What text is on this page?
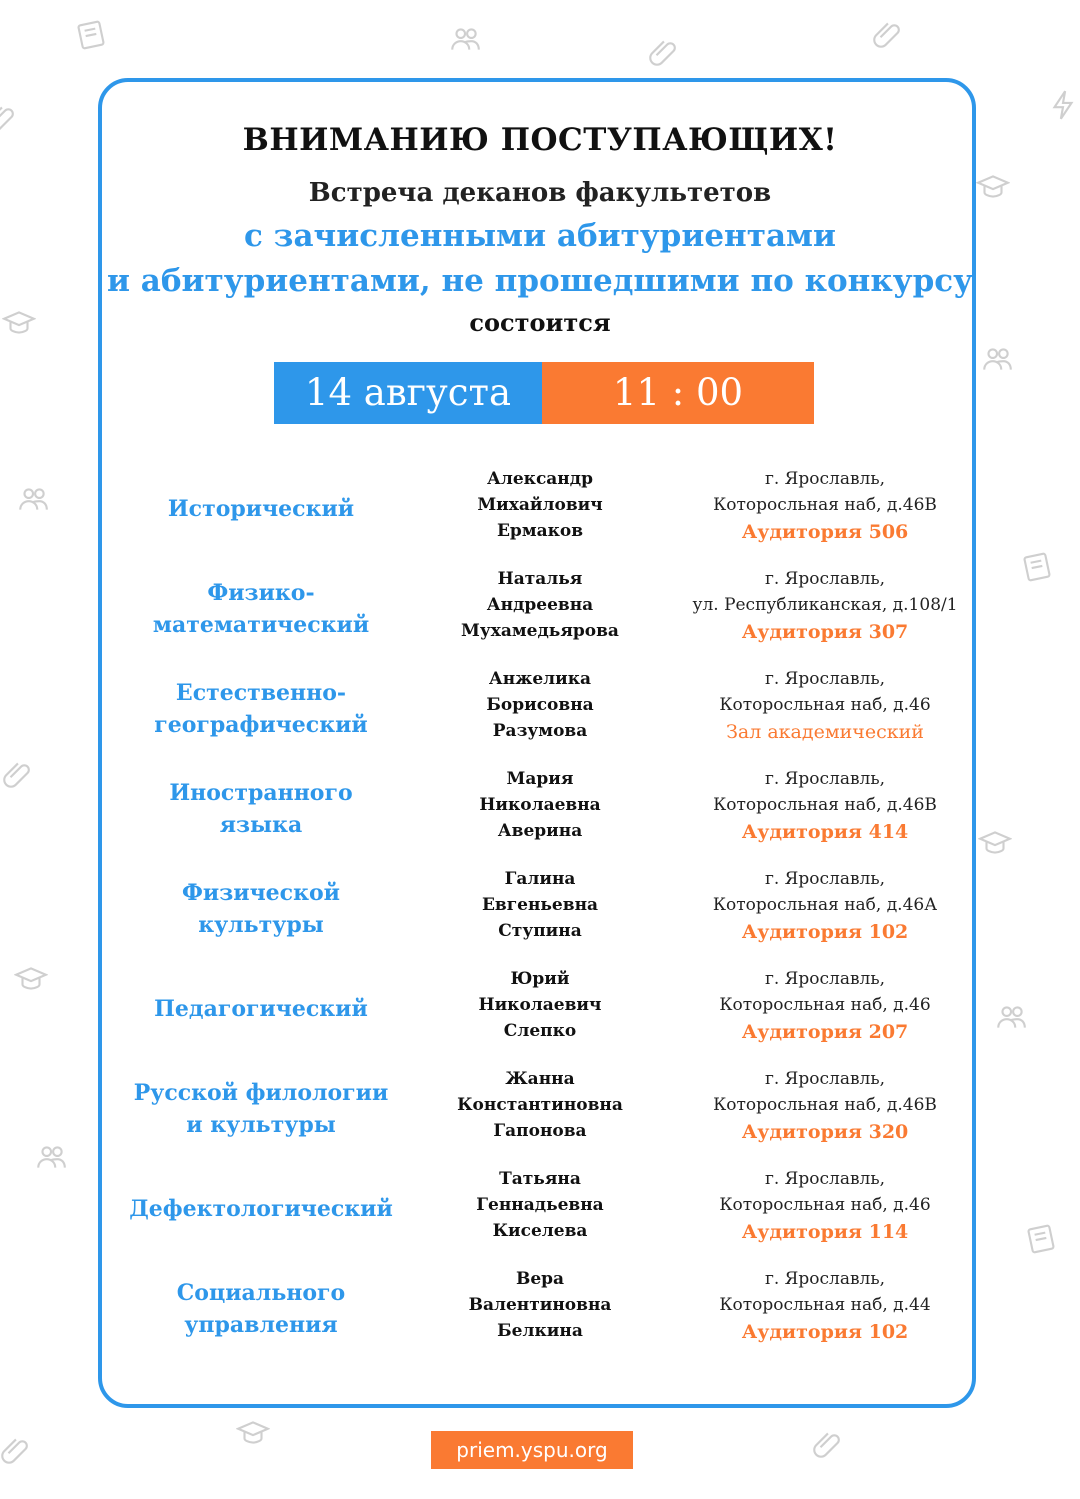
ВНИМАНИЮ ПОСТУПАЮЩИХ!
Встреча деканов факультетов
с зачисленными абитуриентами
и абитуриентами, не прошедшими по конкурсу
состоится
14 августа	11 : 00
Исторический
Александр
Михайлович
Ермаков
г. Ярославль,
Которосльная наб, д.46В
Аудитория 506
Физико-
математический
Наталья
Андреевна
Мухамедьярова
г. Ярославль,
ул. Республиканская, д.108/1
Аудитория 307
Естественно-
географический
Анжелика
Борисовна
Разумова
г. Ярославль,
Которосльная наб, д.46
Зал академический
Иностранного
языка
Мария
Николаевна
Аверина
г. Ярославль,
Которосльная наб, д.46В
Аудитория 414
Физической
культуры
Галина
Евгеньевна
Ступина
г. Ярославль,
Которосльная наб, д.46А
Аудитория 102
Педагогический
Юрий
Николаевич
Слепко
г. Ярославль,
Которосльная наб, д.46
Аудитория 207
Русской филологии
и культуры
Жанна
Константиновна
Гапонова
г. Ярославль,
Которосльная наб, д.46В
Аудитория 320
Дефектологический
Татьяна
Геннадьевна
Киселева
г. Ярославль,
Которосльная наб, д.46
Аудитория 114
Социального
управления
Вера
Валентиновна
Белкина
г. Ярославль,
Которосльная наб, д.44
Аудитория 102
priem.yspu.org
